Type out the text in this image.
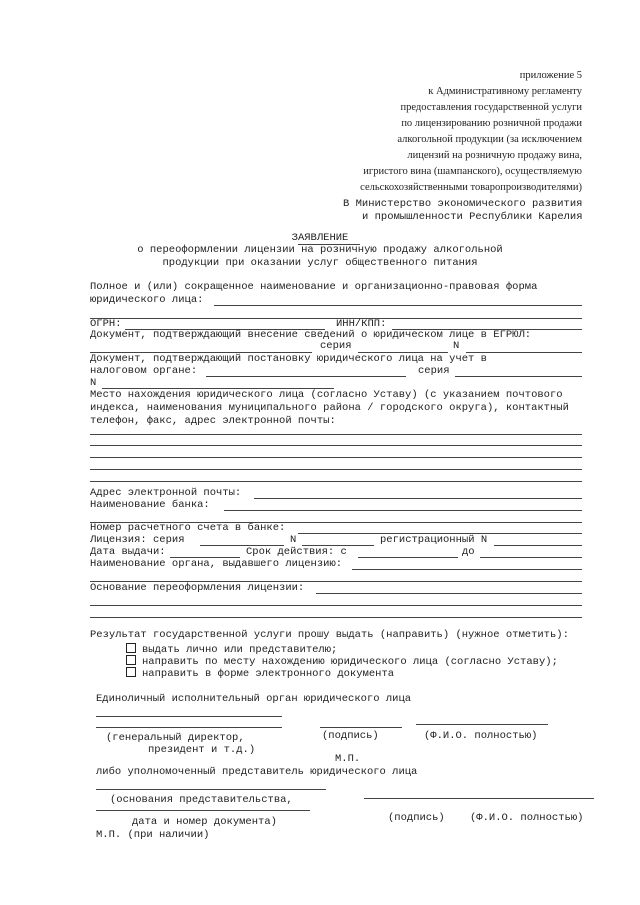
приложение 5
к Административному регламенту
предоставления государственной услуги
по лицензированию розничной продажи
алкогольной продукции (за исключением
лицензий на розничную продажу вина,
игристого вина (шампанского), осуществляемую
сельскохозяйственными товаропроизводителями)
В Министерство экономического развития
и промышленности Республики Карелия
ЗАЯВЛЕНИЕ
о переоформлении лицензии на розничную продажу алкогольной
продукции при оказании услуг общественного питания
Полное и (или) сокращенное наименование и организационно-правовая форма
юридического лица:
ОГРН:	ИНН/КПП:
Документ, подтверждающий внесение сведений о юридическом лице в ЕГРЮЛ:
серия	N
Документ, подтверждающий постановку юридического лица на учет в
налоговом органе:	серия
N
Место нахождения юридического лица (согласно Уставу) (с указанием почтового
индекса, наименования муниципального района / городского округа), контактный
телефон, факс, адрес электронной почты:
Адрес электронной почты:
Наименование банка:
Номер расчетного счета в банке:
Лицензия: серия	N	регистрационный N
Дата выдачи:	Срок действия: с	до
Наименование органа, выдавшего лицензию:
Основание переоформления лицензии:
Результат государственной услуги прошу выдать (направить) (нужное отметить):
выдать лично или представителю;
направить по месту нахождению юридического лица (согласно Уставу);
направить в форме электронного документа
Единоличный исполнительный орган юридического лица
(генеральный директор,
президент и т.д.)
(подпись)	(Ф.И.О. полностью)
М.П.
либо уполномоченный представитель юридического лица
(основания представительства,
дата и номер документа)	(подпись) (Ф.И.О. полностью)
М.П. (при наличии)
